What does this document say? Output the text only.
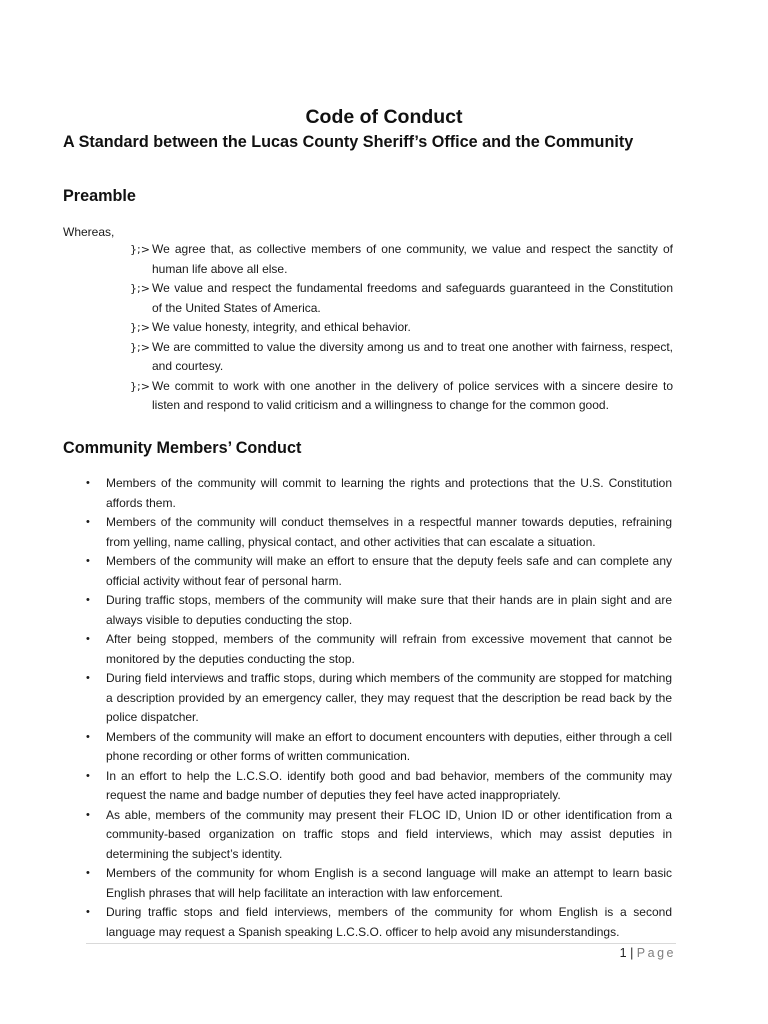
Code of Conduct
A Standard between the Lucas County Sheriff’s Office and the Community
Preamble
Whereas,

};> We agree that, as collective members of one community, we value and respect the sanctity of human life above all else.

};> We value and respect the fundamental freedoms and safeguards guaranteed in the Constitution of the United States of America.

};> We value honesty, integrity, and ethical behavior.

};> We are committed to value the diversity among us and to treat one another with fairness, respect, and courtesy.

};> We commit to work with one another in the delivery of police services with a sincere desire to listen and respond to valid criticism and a willingness to change for the common good.

Community Members’ Conduct

• Members of the community will commit to learning the rights and protections that the U.S. Constitution affords them.

• Members of the community will conduct themselves in a respectful manner towards deputies, refraining from yelling, name calling, physical contact, and other activities that can escalate a situation.

• Members of the community will make an effort to ensure that the deputy feels safe and can complete any official activity without fear of personal harm.

• During traffic stops, members of the community will make sure that their hands are in plain sight and are always visible to deputies conducting the stop.

• After being stopped, members of the community will refrain from excessive movement that cannot be monitored by the deputies conducting the stop.

• During field interviews and traffic stops, during which members of the community are stopped for matching a description provided by an emergency caller, they may request that the description be read back by the police dispatcher.

• Members of the community will make an effort to document encounters with deputies, either through a cell phone recording or other forms of written communication.

• In an effort to help the L.C.S.O. identify both good and bad behavior, members of the community may request the name and badge number of deputies they feel have acted inappropriately.

• As able, members of the community may present their FLOC ID, Union ID or other identification from a community-based organization on traffic stops and field interviews, which may assist deputies in determining the subject’s identity.

• Members of the community for whom English is a second language will make an attempt to learn basic English phrases that will help facilitate an interaction with law enforcement.

• During traffic stops and field interviews, members of the community for whom English is a second language may request a Spanish speaking L.C.S.O. officer to help avoid any misunderstandings.

1 | Page
